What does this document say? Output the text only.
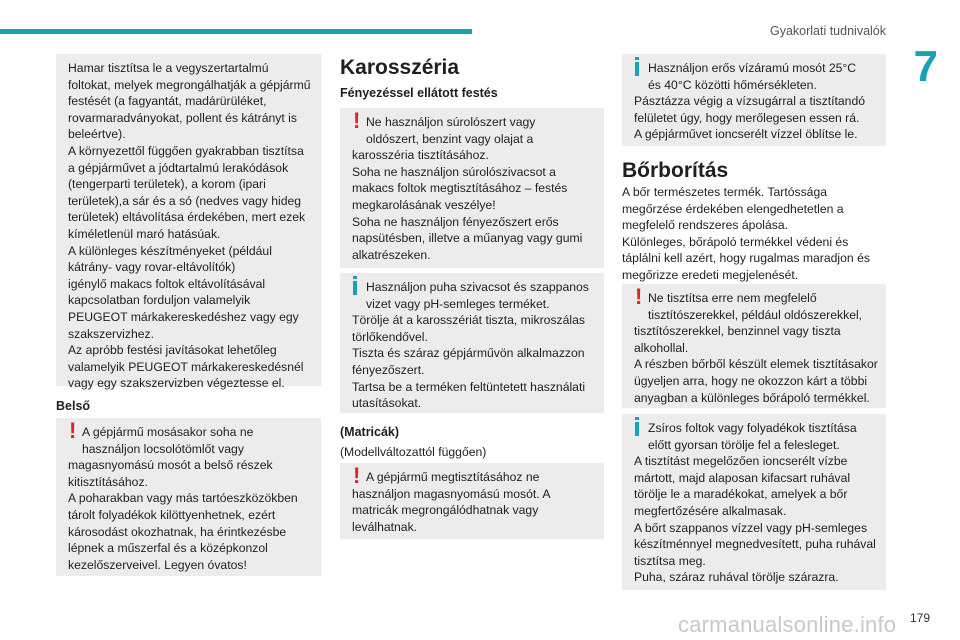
Gyakorlati tudnivalók
7
Hamar tisztítsa le a vegyszertartalmú
foltokat, melyek megrongálhatják a gépjármű
festését (a fagyantát, madárürüléket,
rovarmaradványokat, pollent és kátrányt is
beleértve).
A környezettől függően gyakrabban tisztítsa
a gépjárművet a jódtartalmú lerakódások
(tengerparti területek), a korom (ipari
területek),a sár és a só (nedves vagy hideg
területek) eltávolítása érdekében, mert ezek
kíméletlenül maró hatásúak.
A különleges készítményeket (például
kátrány- vagy rovar-eltávolítók)
igénylő makacs foltok eltávolításával
kapcsolatban forduljon valamelyik
PEUGEOT márkakereskedéshez vagy egy
szakszervizhez.
Az apróbb festési javításokat lehetőleg
valamelyik PEUGEOT márkakereskedésnél
vagy egy szakszervizben végeztesse el.
Belső
! A gépjármű mosásakor soha ne
használjon locsolótömlőt vagy
magasnyomású mosót a belső részek
kitisztításához.
A poharakban vagy más tartóeszközökben
tárolt folyadékok kilöttyenhetnek, ezért
károsodást okozhatnak, ha érintkezésbe
lépnek a műszerfal és a középkonzol
kezelőszerveivel. Legyen óvatos!
Karosszéria
Fényezéssel ellátott festés
! Ne használjon súrolószert vagy
oldószert, benzint vagy olajat a
karosszéria tisztításához.
Soha ne használjon súrolószivacsot a
makacs foltok megtisztításához – festés
megkarolásának veszélye!
Soha ne használjon fényezőszert erős
napsütésben, illetve a műanyag vagy gumi
alkatrészeken.
Használjon puha szivacsot és szappanos
vizet vagy pH-semleges terméket.
Törölje át a karosszériát tiszta, mikroszálas
törlőkendővel.
Tiszta és száraz gépjárművön alkalmazzon
fényezőszert.
Tartsa be a terméken feltüntetett használati
utasításokat.
(Matricák)
(Modellváltozattól függően)
! A gépjármű megtisztításához ne
használjon magasnyomású mosót. A
matricák megrongálódhatnak vagy
leválhatnak.
Használjon erős vízáramú mosót 25°C
és 40°C közötti hőmérsékleten.
Pásztázza végig a vízsugárral a tisztítandó
felületet úgy, hogy merőlegesen essen rá.
A gépjárművet ioncserélt vízzel öblítse le.
Bőrborítás
A bőr természetes termék. Tartóssága
megőrzése érdekében elengedhetetlen a
megfelelő rendszeres ápolása.
Különleges, bőrápoló termékkel védeni és
táplálni kell azért, hogy rugalmas maradjon és
megőrizze eredeti megjelenését.
! Ne tisztítsa erre nem megfelelő
tisztítószerekkel, például oldószerekkel,
tisztítószerekkel, benzinnel vagy tiszta
alkohollal.
A részben bőrből készült elemek tisztításakor
ügyeljen arra, hogy ne okozzon kárt a többi
anyagban a különleges bőrápoló termékkel.
Zsíros foltok vagy folyadékok tisztítása
előtt gyorsan törölje fel a felesleget.
A tisztítást megelőzően ioncserélt vízbe
mártott, majd alaposan kifacsart ruhával
törölje le a maradékokat, amelyek a bőr
megfertőzésére alkalmasak.
A bőrt szappanos vízzel vagy pH-semleges
készítménnyel megnedvesített, puha ruhával
tisztítsa meg.
Puha, száraz ruhával törölje szárazra.
carmanualsonline.info 179
